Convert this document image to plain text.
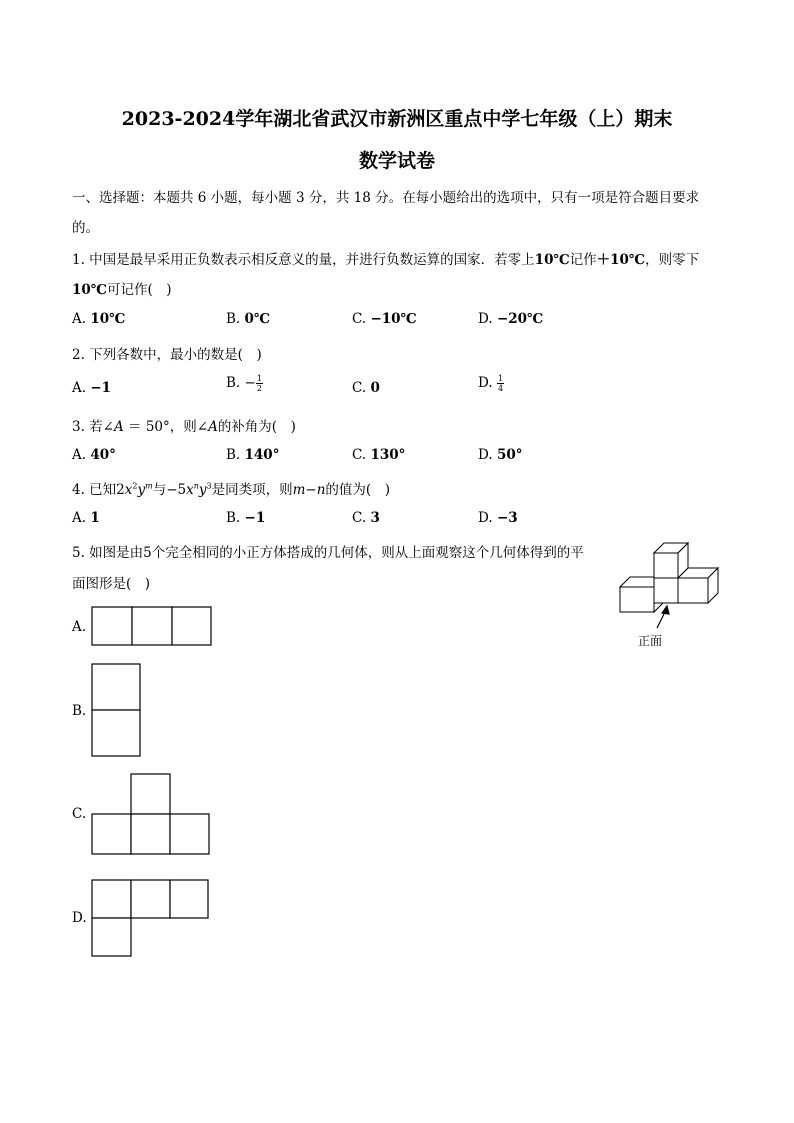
2023-2024学年湖北省武汉市新洲区重点中学七年级（上）期末
数学试卷
一、选择题：本题共 6 小题，每小题 3 分，共 18 分。在每小题给出的选项中，只有一项是符合题目要求
的。
1. 中国是最早采用正负数表示相反意义的量，并进行负数运算的国家．若零上10℃记作＋10℃，则零下
10℃可记作(　)
A. 10℃	B. 0℃	C. −10℃	D. −20℃
2. 下列各数中，最小的数是(　)
A. −1	B. − $\frac{1}{2}$	C. 0	D. $\frac{1}{4}$
3. 若∠A ＝ 50°，则∠A的补角为(　)
A. 40°	B. 140°	C. 130°	D. 50°
4. 已知2𝑥$^2$𝑦$^𝑚$与−5𝑥$^𝑛$𝑦$^3$是同类项，则𝑚−𝑛的值为(　)
A. 1	B. −1	C. 3	D. −3
5. 如图是由5个完全相同的小正方体搭成的几何体，则从上面观察这个几何体得到的平
面图形是(　)
正面
A.
B.
C.
D.
